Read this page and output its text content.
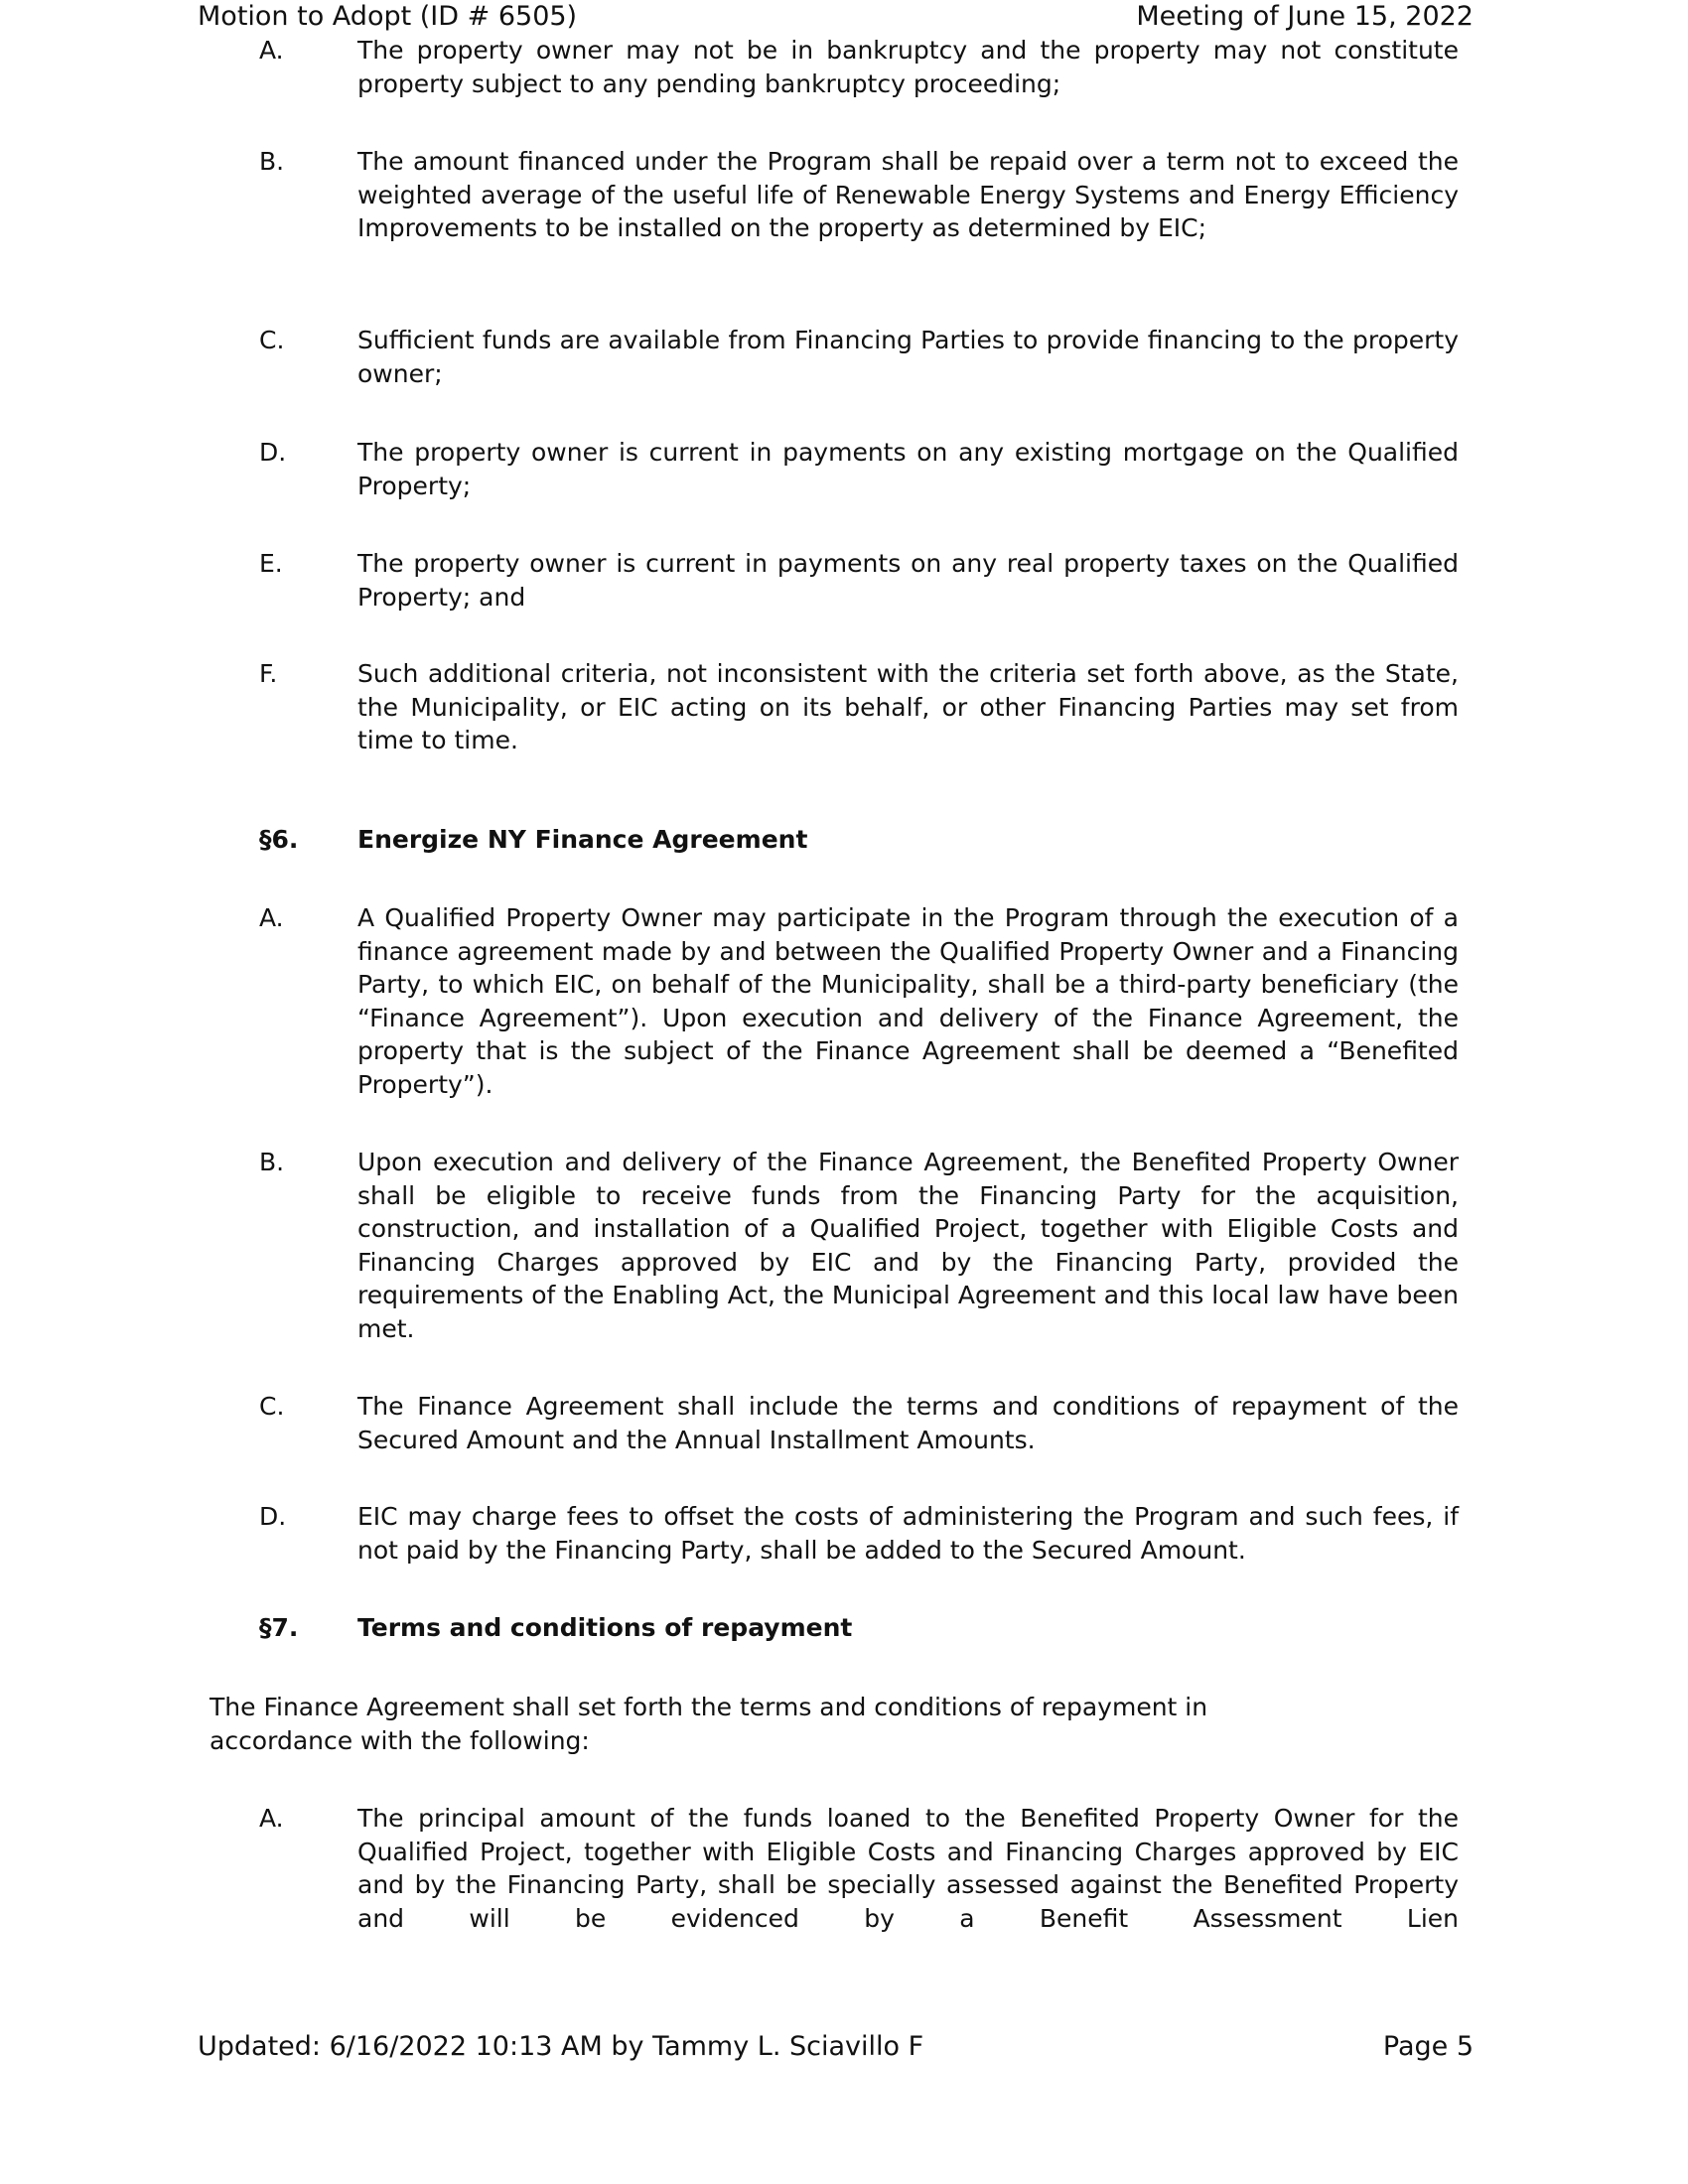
Motion to Adopt (ID # 6505)	Meeting of June 15, 2022
A.	The property owner may not be in bankruptcy and the property may not constitute property subject to any pending bankruptcy proceeding;
B.	The amount financed under the Program shall be repaid over a term not to exceed the weighted average of the useful life of Renewable Energy Systems and Energy Efficiency Improvements to be installed on the property as determined by EIC;
C.	Sufficient funds are available from Financing Parties to provide financing to the property owner;
D.	The property owner is current in payments on any existing mortgage on the Qualified Property;
E.	The property owner is current in payments on any real property taxes on the Qualified Property; and
F.	Such additional criteria, not inconsistent with the criteria set forth above, as the State, the Municipality, or EIC acting on its behalf, or other Financing Parties may set from time to time.
§6. Energize NY Finance Agreement
A.	A Qualified Property Owner may participate in the Program through the execution of a finance agreement made by and between the Qualified Property Owner and a Financing Party, to which EIC, on behalf of the Municipality, shall be a third-party beneficiary (the “Finance Agreement”). Upon execution and delivery of the Finance Agreement, the property that is the subject of the Finance Agreement shall be deemed a “Benefited Property”).
B.	Upon execution and delivery of the Finance Agreement, the Benefited Property Owner shall be eligible to receive funds from the Financing Party for the acquisition, construction, and installation of a Qualified Project, together with Eligible Costs and Financing Charges approved by EIC and by the Financing Party, provided the requirements of the Enabling Act, the Municipal Agreement and this local law have been met.
C.	The Finance Agreement shall include the terms and conditions of repayment of the Secured Amount and the Annual Installment Amounts.
D.	EIC may charge fees to offset the costs of administering the Program and such fees, if not paid by the Financing Party, shall be added to the Secured Amount.
§7. Terms and conditions of repayment
The Finance Agreement shall set forth the terms and conditions of repayment in accordance with the following:
A.	The principal amount of the funds loaned to the Benefited Property Owner for the Qualified Project, together with Eligible Costs and Financing Charges approved by EIC and by the Financing Party, shall be specially assessed against the Benefited Property and will be evidenced by a Benefit Assessment Lien
Updated: 6/16/2022 10:13 AM by Tammy L. Sciavillo F	Page 5
